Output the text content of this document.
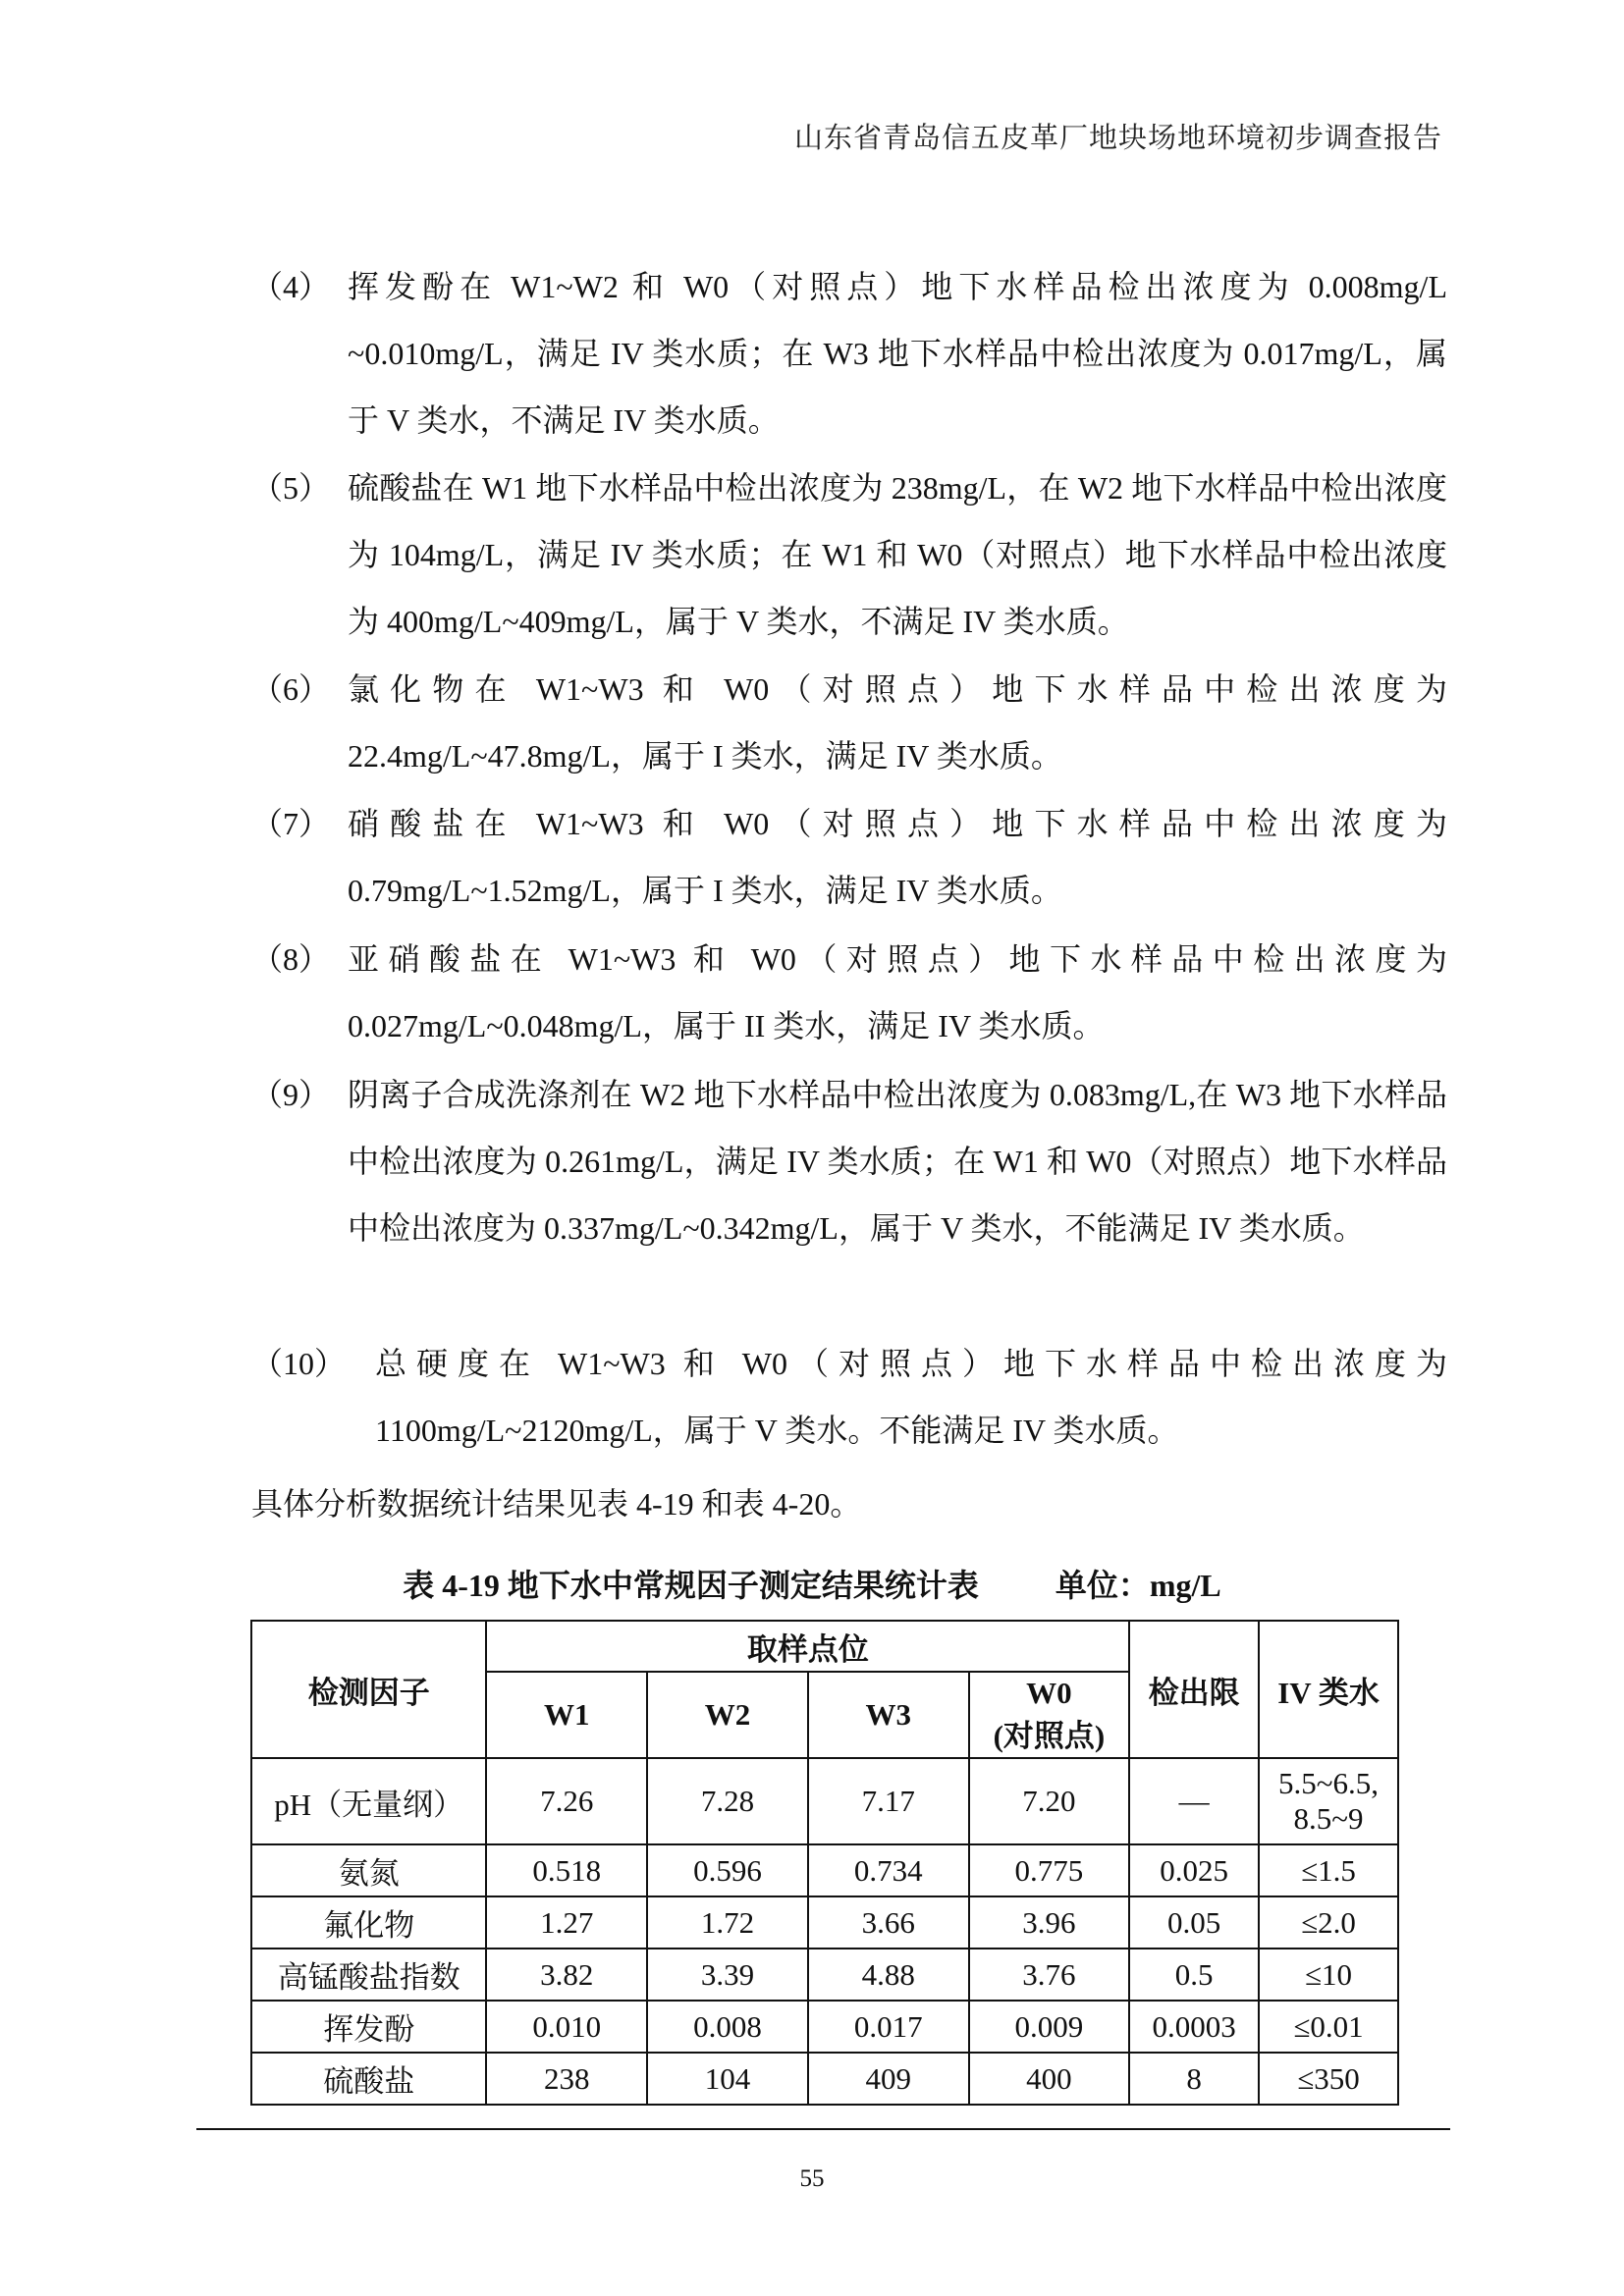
山东省青岛信五皮革厂地块场地环境初步调查报告
（4） 挥发酚在 W1~W2 和 W0（对照点）地下水样品检出浓度为 0.008mg/L ~0.010mg/L，满足 IV 类水质；在 W3 地下水样品中检出浓度为 0.017mg/L，属于 V 类水，不满足 IV 类水质。
（5） 硫酸盐在 W1 地下水样品中检出浓度为 238mg/L，在 W2 地下水样品中检出浓度为 104mg/L，满足 IV 类水质；在 W1 和 W0（对照点）地下水样品中检出浓度为 400mg/L~409mg/L，属于 V 类水，不满足 IV 类水质。
（6） 氯化物在 W1~W3 和 W0（对照点）地下水样品中检出浓度为 22.4mg/L~47.8mg/L，属于 I 类水，满足 IV 类水质。
（7） 硝酸盐在 W1~W3 和 W0（对照点）地下水样品中检出浓度为 0.79mg/L~1.52mg/L，属于 I 类水，满足 IV 类水质。
（8） 亚硝酸盐在 W1~W3 和 W0（对照点）地下水样品中检出浓度为 0.027mg/L~0.048mg/L，属于 II 类水，满足 IV 类水质。
（9） 阴离子合成洗涤剂在 W2 地下水样品中检出浓度为 0.083mg/L,在 W3 地下水样品中检出浓度为 0.261mg/L，满足 IV 类水质；在 W1 和 W0（对照点）地下水样品中检出浓度为 0.337mg/L~0.342mg/L，属于 V 类水，不能满足 IV 类水质。
（10） 总硬度在 W1~W3 和 W0（对照点）地下水样品中检出浓度为 1100mg/L~2120mg/L，属于 V 类水。不能满足 IV 类水质。
具体分析数据统计结果见表 4-19 和表 4-20。
表 4-19 地下水中常规因子测定结果统计表 单位：mg/L
检测因子	取样点位				检出限	IV 类水
	W1	W2	W3	W0
(对照点)		

pH（无量纲）	7.26	7.28	7.17	7.20	—	5.5~6.5,
8.5~9

氨氮	0.518	0.596	0.734	0.775	0.025	≤1.5
氟化物	1.27	1.72	3.66	3.96	0.05	≤2.0
高锰酸盐指数	3.82	3.39	4.88	3.76	0.5	≤10
挥发酚	0.010	0.008	0.017	0.009	0.0003	≤0.01
硫酸盐	238	104	409	400	8	≤350
55
